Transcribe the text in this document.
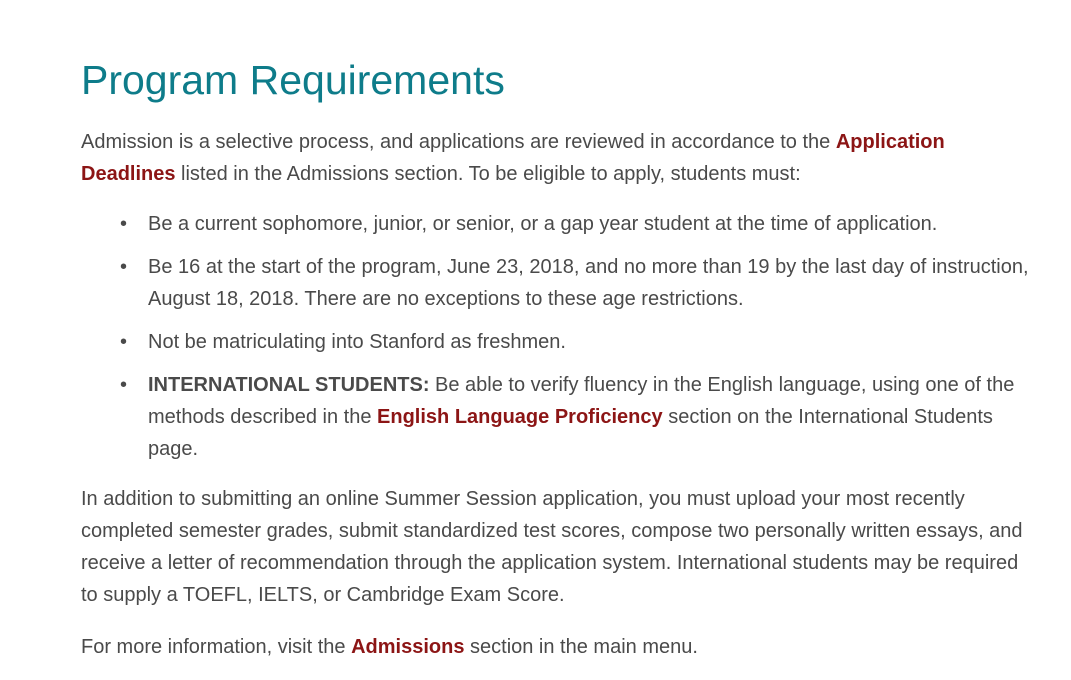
Program Requirements

Admission is a selective process, and applications are reviewed in accordance to the Application Deadlines listed in the Admissions section. To be eligible to apply, students must:

• Be a current sophomore, junior, or senior, or a gap year student at the time of application.
• Be 16 at the start of the program, June 23, 2018, and no more than 19 by the last day of instruction, August 18, 2018. There are no exceptions to these age restrictions.
• Not be matriculating into Stanford as freshmen.
• INTERNATIONAL STUDENTS: Be able to verify fluency in the English language, using one of the methods described in the English Language Proficiency section on the International Students page.

In addition to submitting an online Summer Session application, you must upload your most recently completed semester grades, submit standardized test scores, compose two personally written essays, and receive a letter of recommendation through the application system. International students may be required to supply a TOEFL, IELTS, or Cambridge Exam Score.

For more information, visit the Admissions section in the main menu.
